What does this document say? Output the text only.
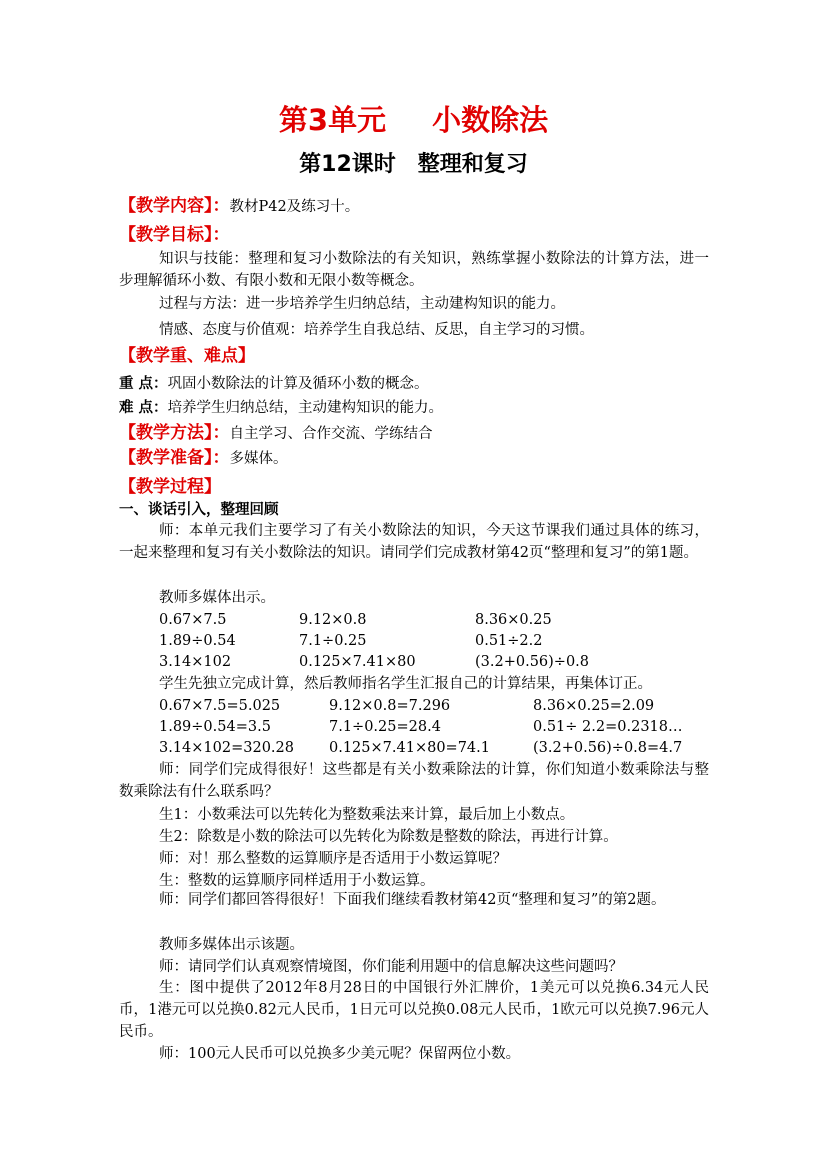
第3单元 小数除法
第12课时 整理和复习
【教学内容】：教材P42及练习十。
【教学目标】：
知识与技能：整理和复习小数除法的有关知识，熟练掌握小数除法的计算方法，进一步理解循环小数、有限小数和无限小数等概念。
过程与方法：进一步培养学生归纳总结，主动建构知识的能力。
情感、态度与价值观：培养学生自我总结、反思，自主学习的习惯。
【教学重、难点】
重 点：巩固小数除法的计算及循环小数的概念。
难 点：培养学生归纳总结，主动建构知识的能力。
【教学方法】：自主学习、合作交流、学练结合
【教学准备】：多媒体。
【教学过程】
一、谈话引入，整理回顾
师：本单元我们主要学习了有关小数除法的知识，今天这节课我们通过具体的练习，一起来整理和复习有关小数除法的知识。请同学们完成教材第42页“整理和复习”的第1题。
教师多媒体出示。
0.67×7.5	9.12×0.8	8.36×0.25
1.89÷0.54	7.1÷0.25	0.51÷2.2
3.14×102	0.125×7.41×80	(3.2+0.56)÷0.8
学生先独立完成计算，然后教师指名学生汇报自己的计算结果，再集体订正。
0.67×7.5=5.025	9.12×0.8=7.296	8.36×0.25=2.09
1.89÷0.54=3.5	7.1÷0.25=28.4	0.51÷ 2.2=0.2318…
3.14×102=320.28 0.125×7.41×80=74.1	(3.2+0.56)÷0.8=4.7
师：同学们完成得很好！这些都是有关小数乘除法的计算，你们知道小数乘除法与整数乘除法有什么联系吗？
生1：小数乘法可以先转化为整数乘法来计算，最后加上小数点。
生2：除数是小数的除法可以先转化为除数是整数的除法，再进行计算。
师：对！那么整数的运算顺序是否适用于小数运算呢？
生：整数的运算顺序同样适用于小数运算。
师：同学们都回答得很好！下面我们继续看教材第42页“整理和复习”的第2题。
教师多媒体出示该题。
师：请同学们认真观察情境图，你们能利用题中的信息解决这些问题吗？
生：图中提供了2012年8月28日的中国银行外汇牌价，1美元可以兑换6.34元人民币，1港元可以兑换0.82元人民币，1日元可以兑换0.08元人民币，1欧元可以兑换7.96元人民币。
师：100元人民币可以兑换多少美元呢？保留两位小数。
